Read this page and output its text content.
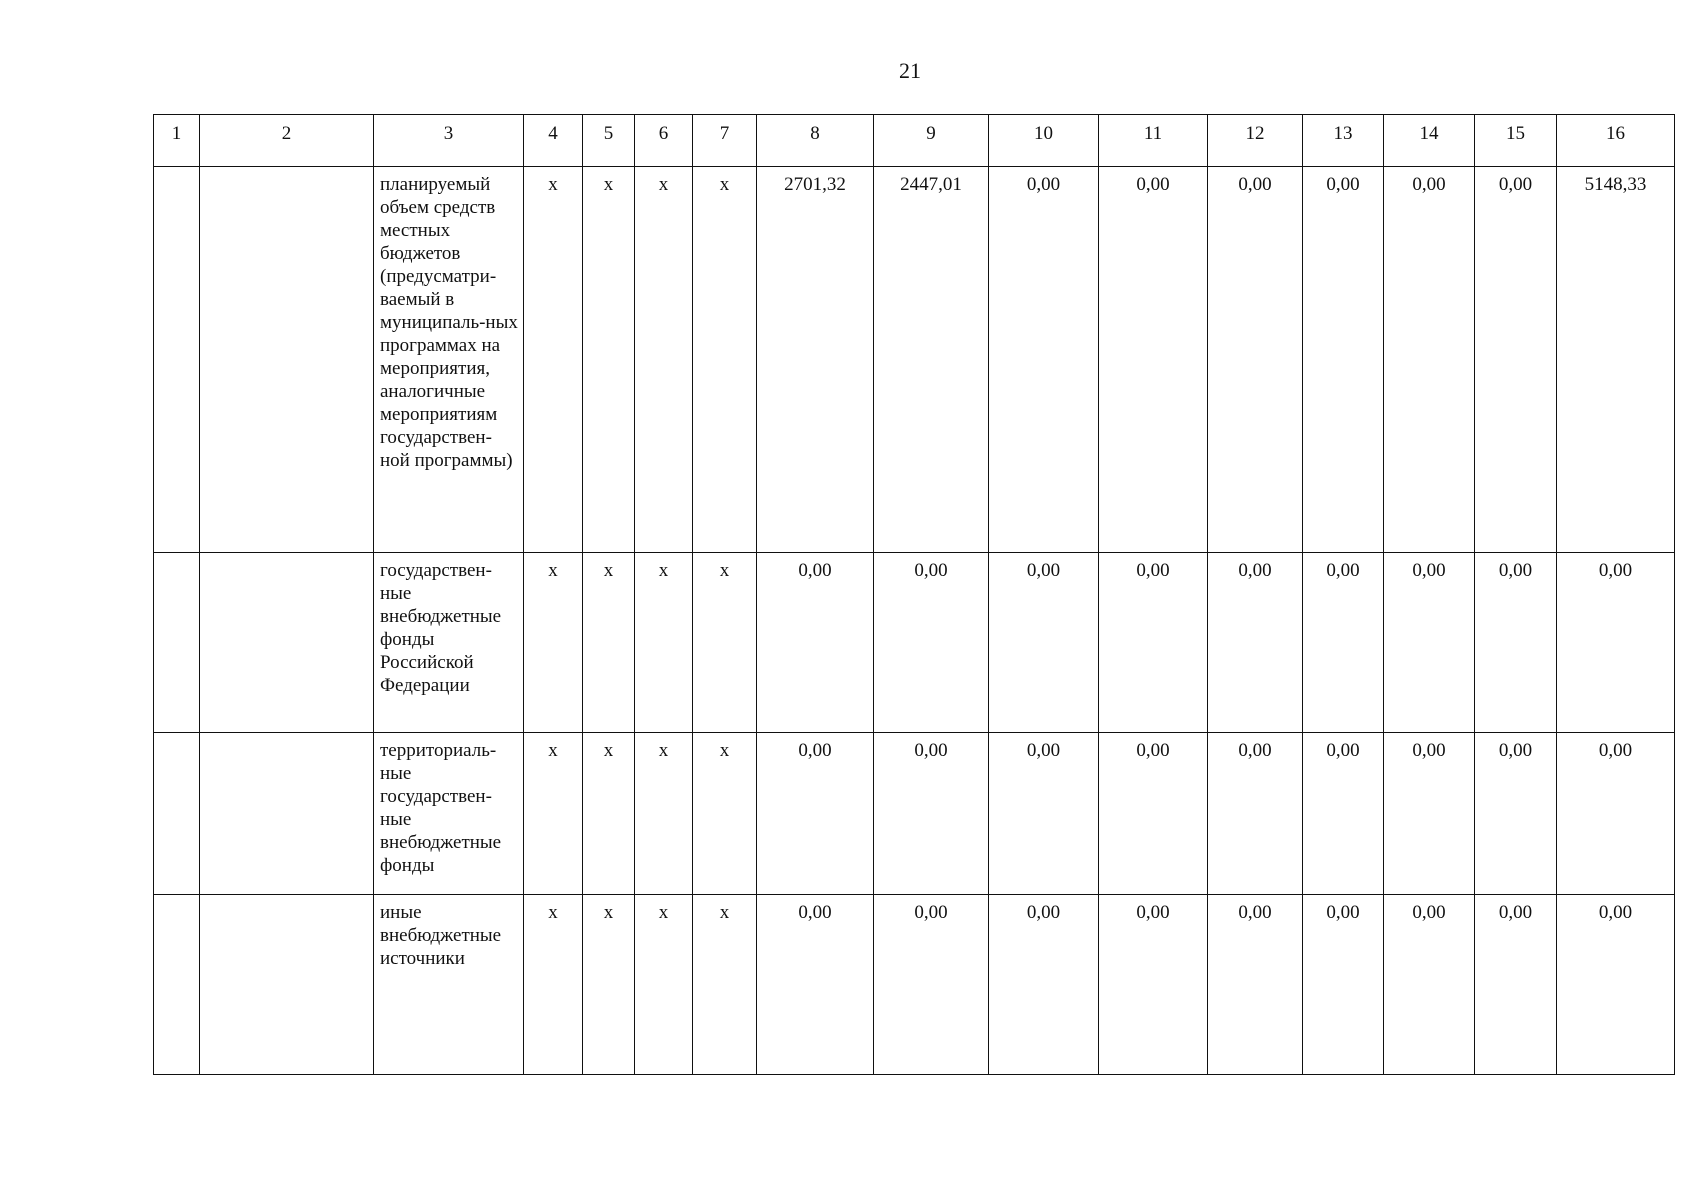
21
1	2	3	4	5	6	7	8	9	10	11	12	13	14	15	16
		планируемый объем средств местных бюджетов (предусматри-ваемый в муниципаль-ных программах на мероприятия, аналогичные мероприятиям государствен-ной программы)	х	х	х	х	2701,32	2447,01	0,00	0,00	0,00	0,00	0,00	0,00	5148,33
		государствен-ные внебюджетные фонды Российской Федерации	х	х	х	х	0,00	0,00	0,00	0,00	0,00	0,00	0,00	0,00	0,00
		территориаль-ные государствен-ные внебюджетные фонды	х	х	х	х	0,00	0,00	0,00	0,00	0,00	0,00	0,00	0,00	0,00
		иные внебюджетные источники	х	х	х	х	0,00	0,00	0,00	0,00	0,00	0,00	0,00	0,00	0,00
